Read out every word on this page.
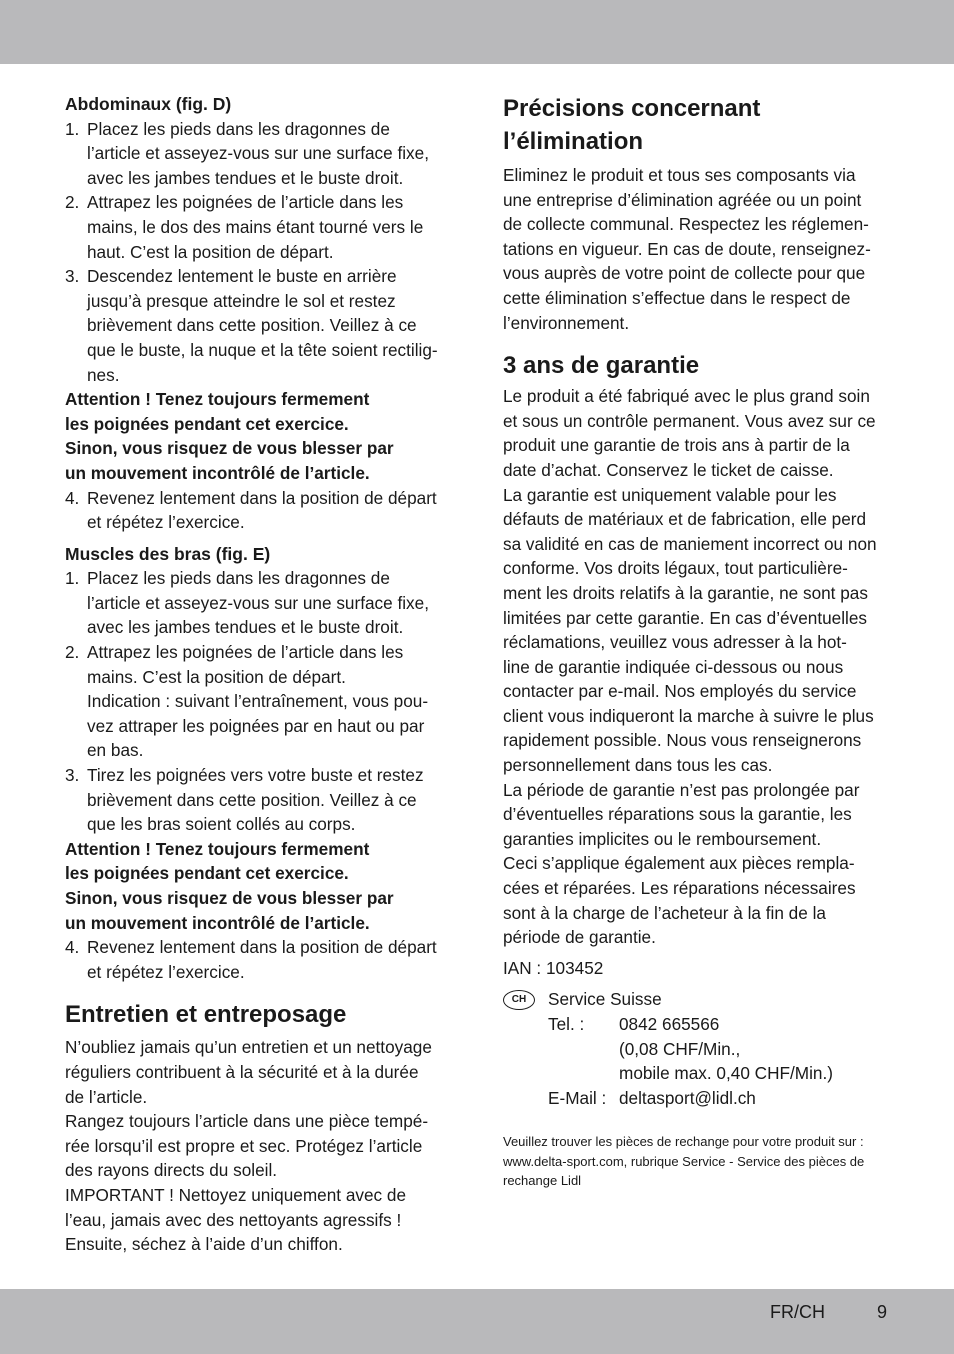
Abdominaux (fig. D)

1. Placez les pieds dans les dragonnes de
l’article et asseyez-vous sur une surface fixe,
avec les jambes tendues et le buste droit.
2. Attrapez les poignées de l’article dans les
mains, le dos des mains étant tourné vers le
haut. C’est la position de départ.
3. Descendez lentement le buste en arrière
jusqu’à presque atteindre le sol et restez
brièvement dans cette position. Veillez à ce
que le buste, la nuque et la tête soient rectilig-
nes.

Attention ! Tenez toujours fermement
les poignées pendant cet exercice.
Sinon, vous risquez de vous blesser par
un mouvement incontrôlé de l’article.

4. Revenez lentement dans la position de départ
et répétez l’exercice.

Muscles des bras (fig. E)

1. Placez les pieds dans les dragonnes de
l’article et asseyez-vous sur une surface fixe,
avec les jambes tendues et le buste droit.
2. Attrapez les poignées de l’article dans les
mains. C’est la position de départ.
Indication : suivant l’entraînement, vous pou-
vez attraper les poignées par en haut ou par
en bas.
3. Tirez les poignées vers votre buste et restez
brièvement dans cette position. Veillez à ce
que les bras soient collés au corps.

Attention ! Tenez toujours fermement
les poignées pendant cet exercice.
Sinon, vous risquez de vous blesser par
un mouvement incontrôlé de l’article.

4. Revenez lentement dans la position de départ
et répétez l’exercice.

Entretien et entreposage

N’oubliez jamais qu’un entretien et un nettoyage
réguliers contribuent à la sécurité et à la durée
de l’article.
Rangez toujours l’article dans une pièce tempé-
rée lorsqu’il est propre et sec. Protégez l’article
des rayons directs du soleil.
IMPORTANT ! Nettoyez uniquement avec de
l’eau, jamais avec des nettoyants agressifs !
Ensuite, séchez à l’aide d’un chiffon.

Précisions concernant
l’élimination

Eliminez le produit et tous ses composants via
une entreprise d’élimination agréée ou un point
de collecte communal. Respectez les réglemen-
tations en vigueur. En cas de doute, renseignez-
vous auprès de votre point de collecte pour que
cette élimination s’effectue dans le respect de
l’environnement.

3 ans de garantie

Le produit a été fabriqué avec le plus grand soin
et sous un contrôle permanent. Vous avez sur ce
produit une garantie de trois ans à partir de la
date d’achat. Conservez le ticket de caisse.
La garantie est uniquement valable pour les
défauts de matériaux et de fabrication, elle perd
sa validité en cas de maniement incorrect ou non
conforme. Vos droits légaux, tout particulière-
ment les droits relatifs à la garantie, ne sont pas
limitées par cette garantie. En cas d’éventuelles
réclamations, veuillez vous adresser à la hot-
line de garantie indiquée ci-dessous ou nous
contacter par e-mail. Nos employés du service
client vous indiqueront la marche à suivre le plus
rapidement possible. Nous vous renseignerons
personnellement dans tous les cas.
La période de garantie n’est pas prolongée par
d’éventuelles réparations sous la garantie, les
garanties implicites ou le remboursement.
Ceci s’applique également aux pièces rempla-
cées et réparées. Les réparations nécessaires
sont à la charge de l’acheteur à la fin de la
période de garantie.

IAN : 103452

CH	Service Suisse
Tel. :	0842 665566
(0,08 CHF/Min.,
mobile max. 0,40 CHF/Min.)
E-Mail : deltasport@lidl.ch

Veuillez trouver les pièces de rechange pour votre produit sur :
www.delta-sport.com, rubrique Service - Service des pièces de
rechange Lidl

FR/CH	9
